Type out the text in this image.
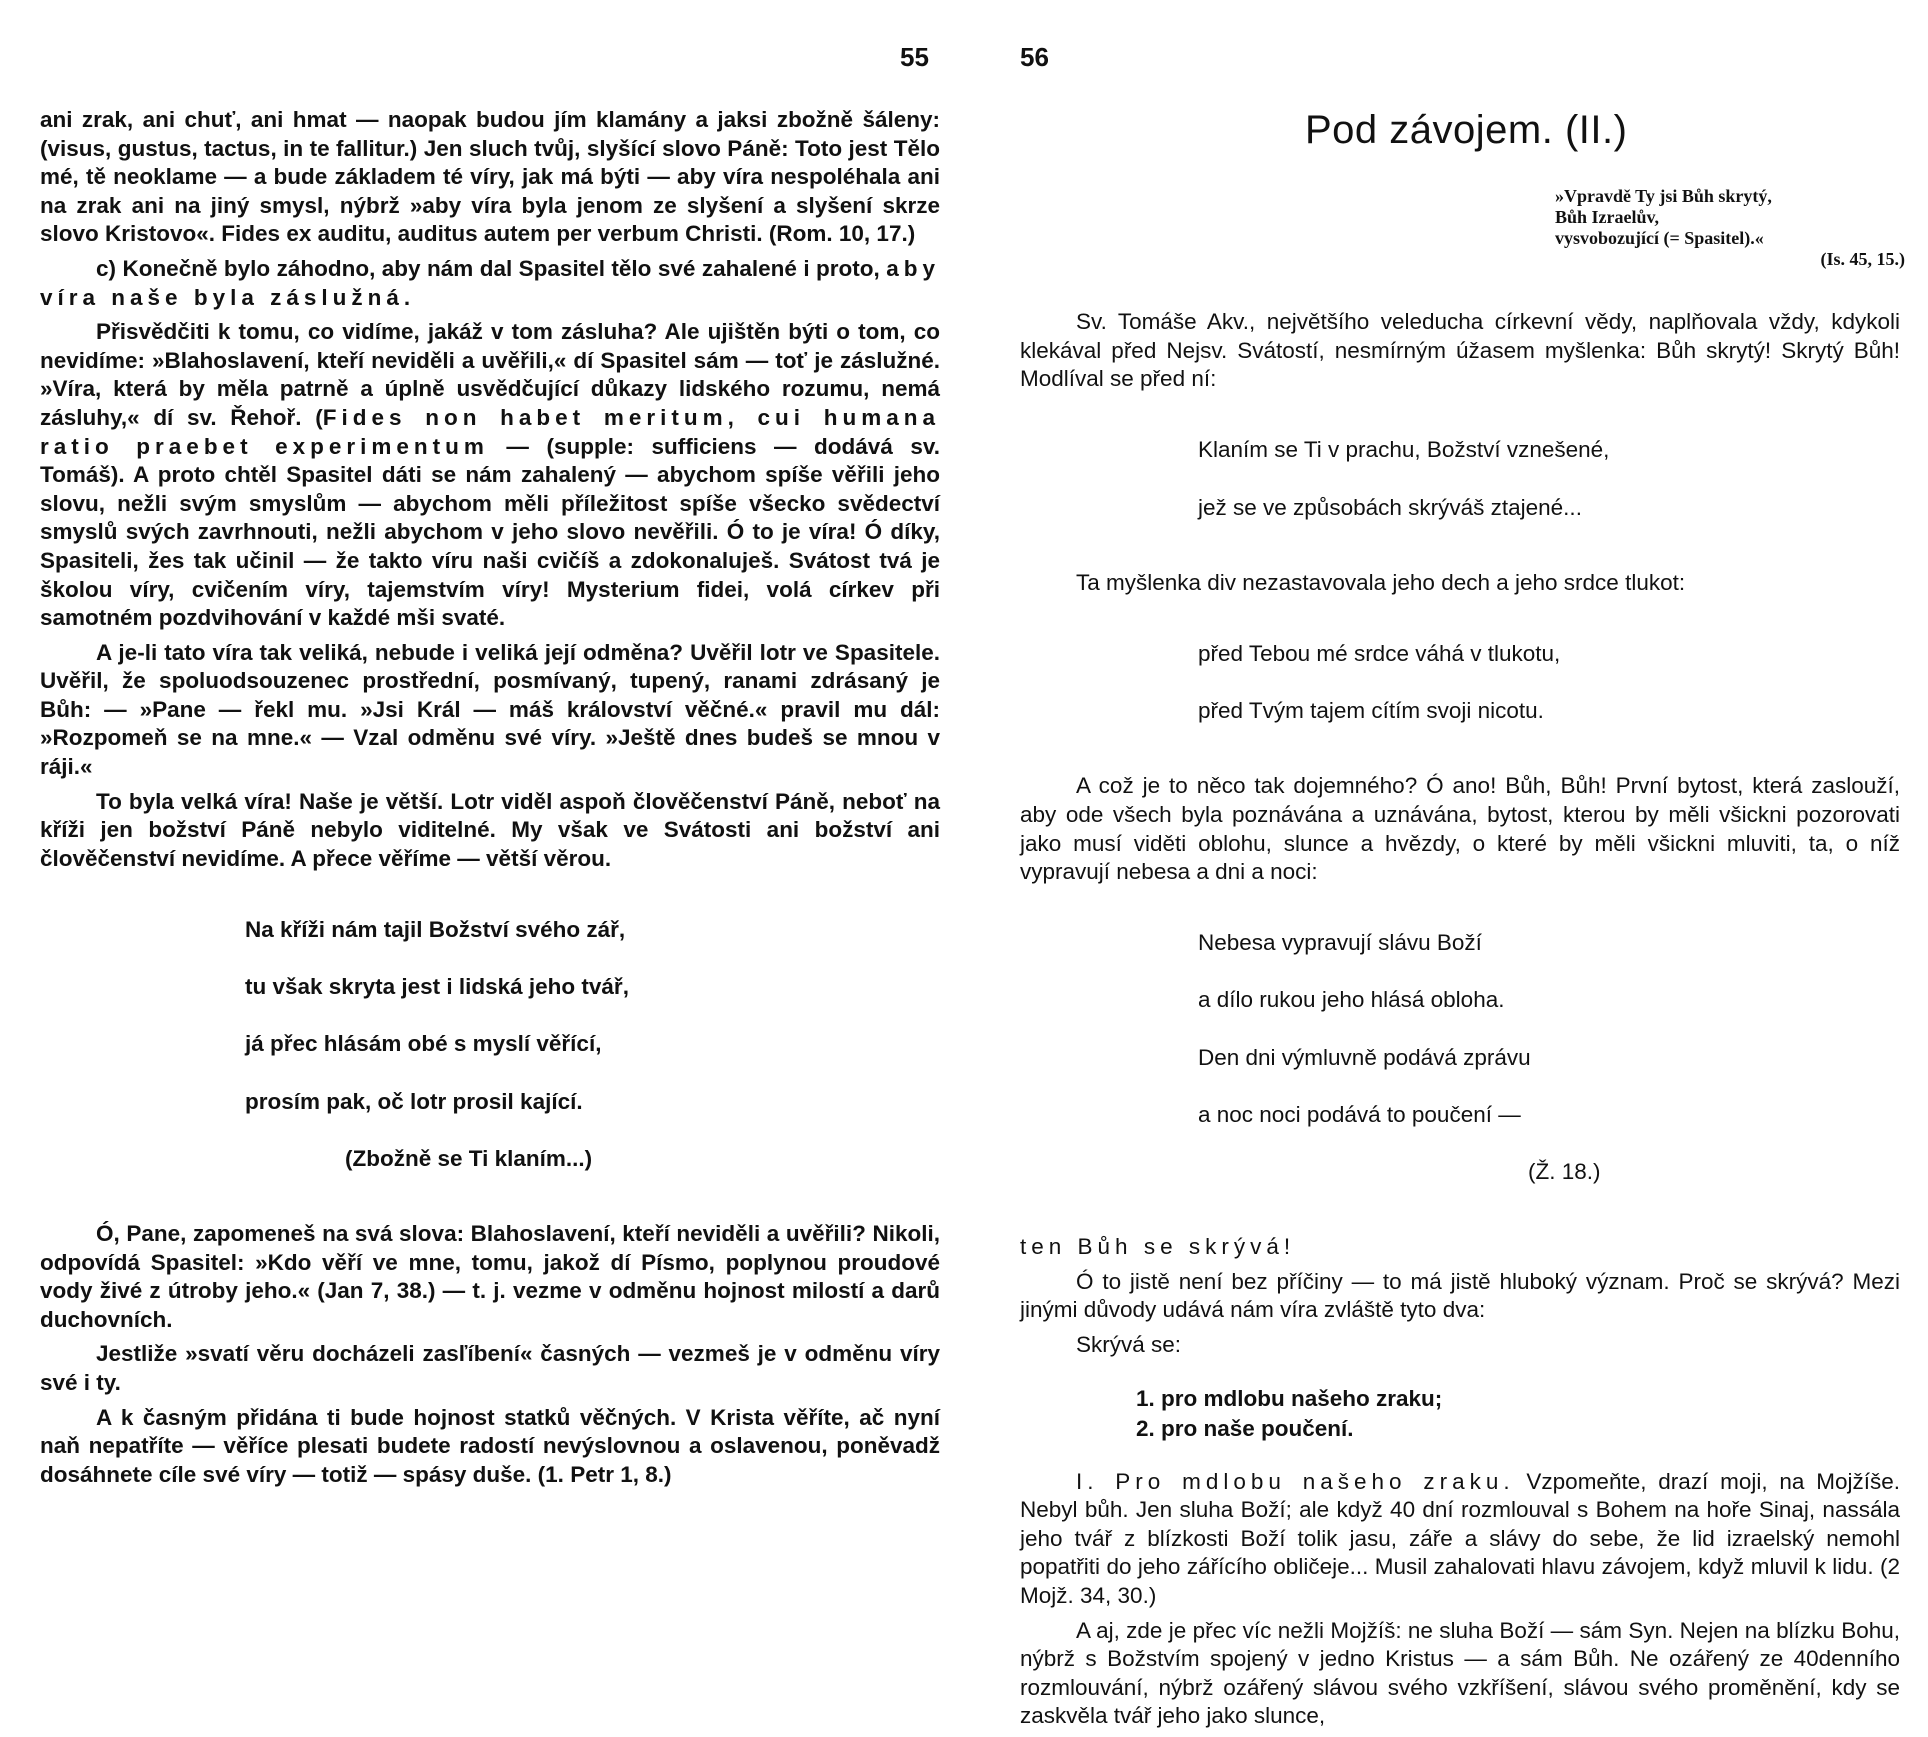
55

ani zrak, ani chuť, ani hmat — naopak budou jím klamány a jaksi zbožně šáleny: (visus, gustus, tactus, in te fallitur.) Jen sluch tvůj, slyšící slovo Páně: Toto jest Tělo mé, tě neoklame — a bude základem té víry, jak má býti — aby víra nespoléhala ani na zrak ani na jiný smysl, nýbrž »aby víra byla jenom ze slyšení a slyšení skrze slovo Kristovo«. Fides ex auditu, auditus autem per verbum Christi. (Rom. 10, 17.)

c) Konečně bylo záhodno, aby nám dal Spasitel tělo své zahalené i proto, aby víra naše byla záslužná.

Přisvědčiti k tomu, co vidíme, jakáž v tom zásluha? Ale ujištěn býti o tom, co nevidíme: »Blahoslavení, kteří neviděli a uvěřili,« dí Spasitel sám — toť je záslužné. »Víra, která by měla patrně a úplně usvědčující důkazy lidského rozumu, nemá zásluhy,« dí sv. Řehoř. (Fides non habet meritum, cui humana ratio praebet experimentum — (supple: sufficiens — dodává sv. Tomáš). A proto chtěl Spasitel dáti se nám zahalený — abychom spíše věřili jeho slovu, nežli svým smyslům — abychom měli příležitost spíše všecko svědectví smyslů svých zavrhnouti, nežli abychom v jeho slovo nevěřili. Ó to je víra! Ó díky, Spasiteli, žes tak učinil — že takto víru naši cvičíš a zdokonaluješ. Svátost tvá je školou víry, cvičením víry, tajemstvím víry! Mysterium fidei, volá církev při samotném pozdvihování v každé mši svaté.

A je-li tato víra tak veliká, nebude i veliká její odměna? Uvěřil lotr ve Spasitele. Uvěřil, že spoluodsouzenec prostřední, posmívaný, tupený, ranami zdrásaný je Bůh: — »Pane — řekl mu. »Jsi Král — máš království věčné.« pravil mu dál: »Rozpomeň se na mne.« — Vzal odměnu své víry. »Ještě dnes budeš se mnou v ráji.«

To byla velká víra! Naše je větší. Lotr viděl aspoň člověčenství Páně, neboť na kříži jen božství Páně nebylo viditelné. My však ve Svátosti ani božství ani člověčenství nevidíme. A přece věříme — větší věrou.

Na kříži nám tajil Božství svého zář,

tu však skryta jest i lidská jeho tvář,

já přec hlásám obé s myslí věřící,

prosím pak, oč lotr prosil kající.

(Zbožně se Ti klaním...)

Ó, Pane, zapomeneš na svá slova: Blahoslavení, kteří neviděli a uvěřili? Nikoli, odpovídá Spasitel: »Kdo věří ve mne, tomu, jakož dí Písmo, poplynou proudové vody živé z útroby jeho.« (Jan 7, 38.) — t. j. vezme v odměnu hojnost milostí a darů duchovních.

Jestliže »svatí věru docházeli zasľíbení« časných — vezmeš je v odměnu víry své i ty.

A k časným přidána ti bude hojnost statků věčných. V Krista věříte, ač nyní naň nepatříte — věříce plesati budete radostí nevýslovnou a oslavenou, poněvadž dosáhnete cíle své víry — totiž — spásy duše. (1. Petr 1, 8.)

56
Pod závojem. (II.)
»Vpravdě Ty jsi Bůh skrytý,
Bůh Izraelův,
vysvobozující (= Spasitel).«
(Is. 45, 15.)

Sv. Tomáše Akv., největšího veleducha církevní vědy, naplňovala vždy, kdykoli klekával před Nejsv. Svátostí, nesmírným úžasem myšlenka: Bůh skrytý! Skrytý Bůh! Modlíval se před ní:

Klaním se Ti v prachu, Božství vznešené,

jež se ve způsobách skrýváš ztajené...

Ta myšlenka div nezastavovala jeho dech a jeho srdce tlukot:

před Tebou mé srdce váhá v tlukotu,

před Tvým tajem cítím svoji nicotu.

A což je to něco tak dojemného? Ó ano! Bůh, Bůh! První bytost, která zaslouží, aby ode všech byla poznávána a uznávána, bytost, kterou by měli všickni pozorovati jako musí viděti oblohu, slunce a hvězdy, o které by měli všickni mluviti, ta, o níž vypravují nebesa a dni a noci:

Nebesa vypravují slávu Boží

a dílo rukou jeho hlásá obloha.

Den dni výmluvně podává zprávu

a noc noci podává to poučení —

(Ž. 18.)

ten Bůh se skrývá!

Ó to jistě není bez příčiny — to má jistě hluboký význam. Proč se skrývá? Mezi jinými důvody udává nám víra zvláště tyto dva:

Skrývá se:

1. pro mdlobu našeho zraku;
2. pro naše poučení.

I. Pro mdlobu našeho zraku. Vzpomeňte, drazí moji, na Mojžíše. Nebyl bůh. Jen sluha Boží; ale když 40 dní rozmlouval s Bohem na hoře Sinaj, nassála jeho tvář z blízkosti Boží tolik jasu, záře a slávy do sebe, že lid izraelský nemohl popatřiti do jeho zářícího obličeje... Musil zahalovati hlavu závojem, když mluvil k lidu. (2 Mojž. 34, 30.)

A aj, zde je přec víc nežli Mojžíš: ne sluha Boží — sám Syn. Nejen na blízku Bohu, nýbrž s Božstvím spojený v jedno Kristus — a sám Bůh. Ne ozářený ze 40denního rozmlouvání, nýbrž ozářený slávou svého vzkříšení, slávou svého proměnění, kdy se zaskvěla tvář jeho jako slunce,
